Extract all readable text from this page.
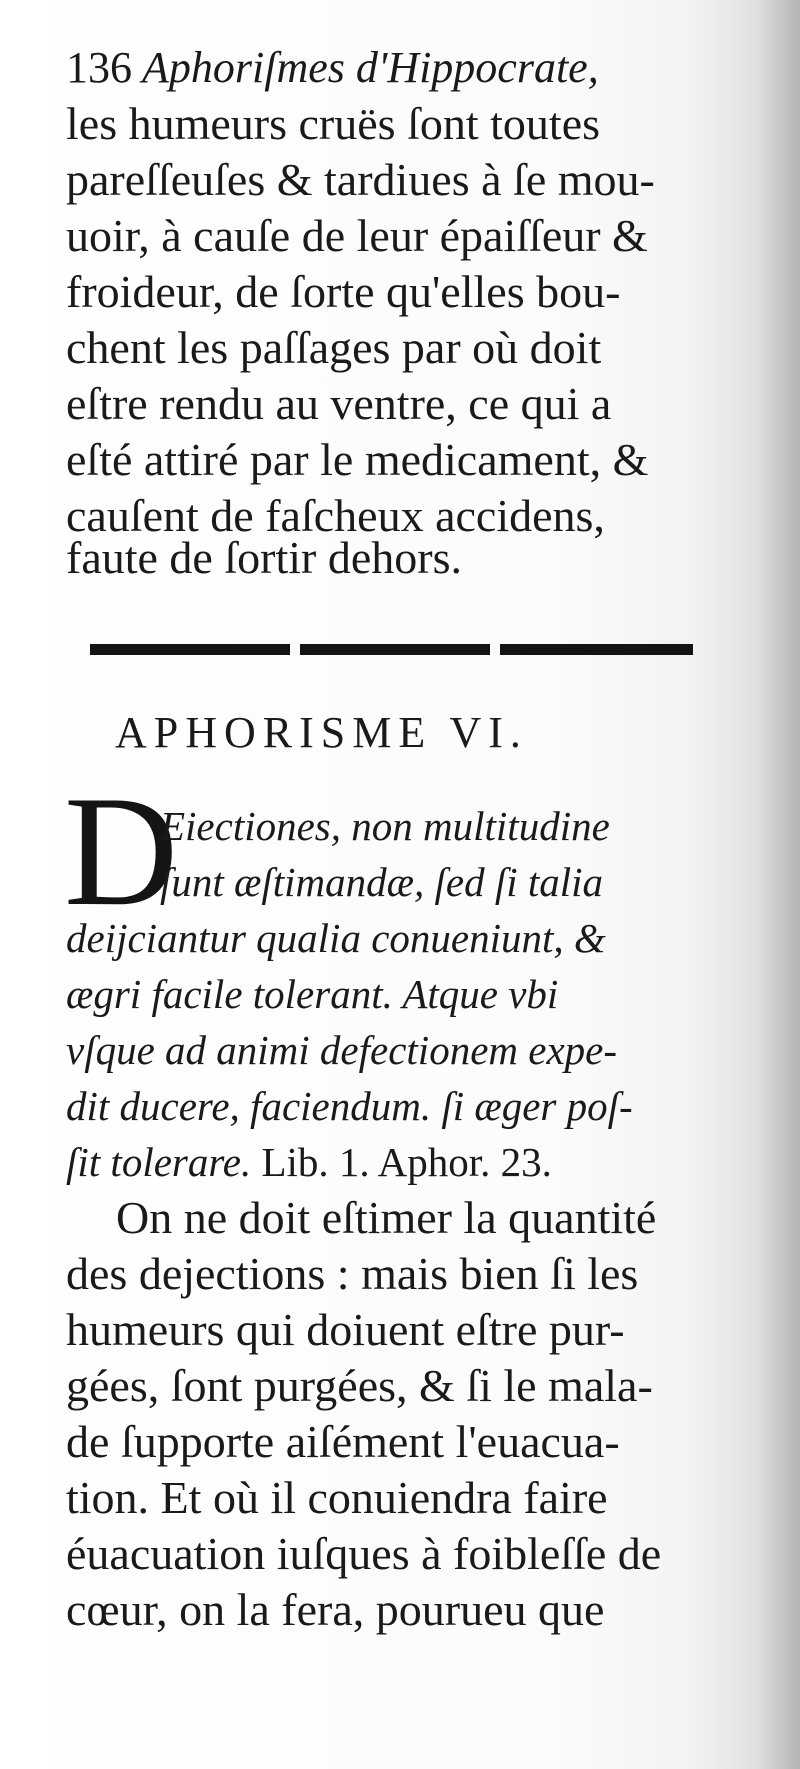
136 Aphoriſmes d'Hippocrate,
les humeurs cruës ſont toutes
pareſſeuſes & tardiues à ſe mou-
uoir, à cauſe de leur épaiſſeur &
froideur, de ſorte qu'elles bou-
chent les paſſages par où doit
eſtre rendu au ventre, ce qui a
eſté attiré par le medicament, &
cauſent de faſcheux accidens,
faute de ſortir dehors.
APHORISME VI.
D
Eiectiones, non multitudine
ſunt æſtimandæ, ſed ſi talia
deijciantur qualia conueniunt, &
ægri facile tolerant. Atque vbi
vſque ad animi defectionem expe-
dit ducere, faciendum. ſi æger poſ-
ſit tolerare. Lib. 1. Aphor. 23.
On ne doit eſtimer la quantité
des dejections : mais bien ſi les
humeurs qui doiuent eſtre pur-
gées, ſont purgées, & ſi le mala-
de ſupporte aiſément l'euacua-
tion. Et où il conuiendra faire
éuacuation iuſques à foibleſſe de
cœur, on la fera, pourueu que
